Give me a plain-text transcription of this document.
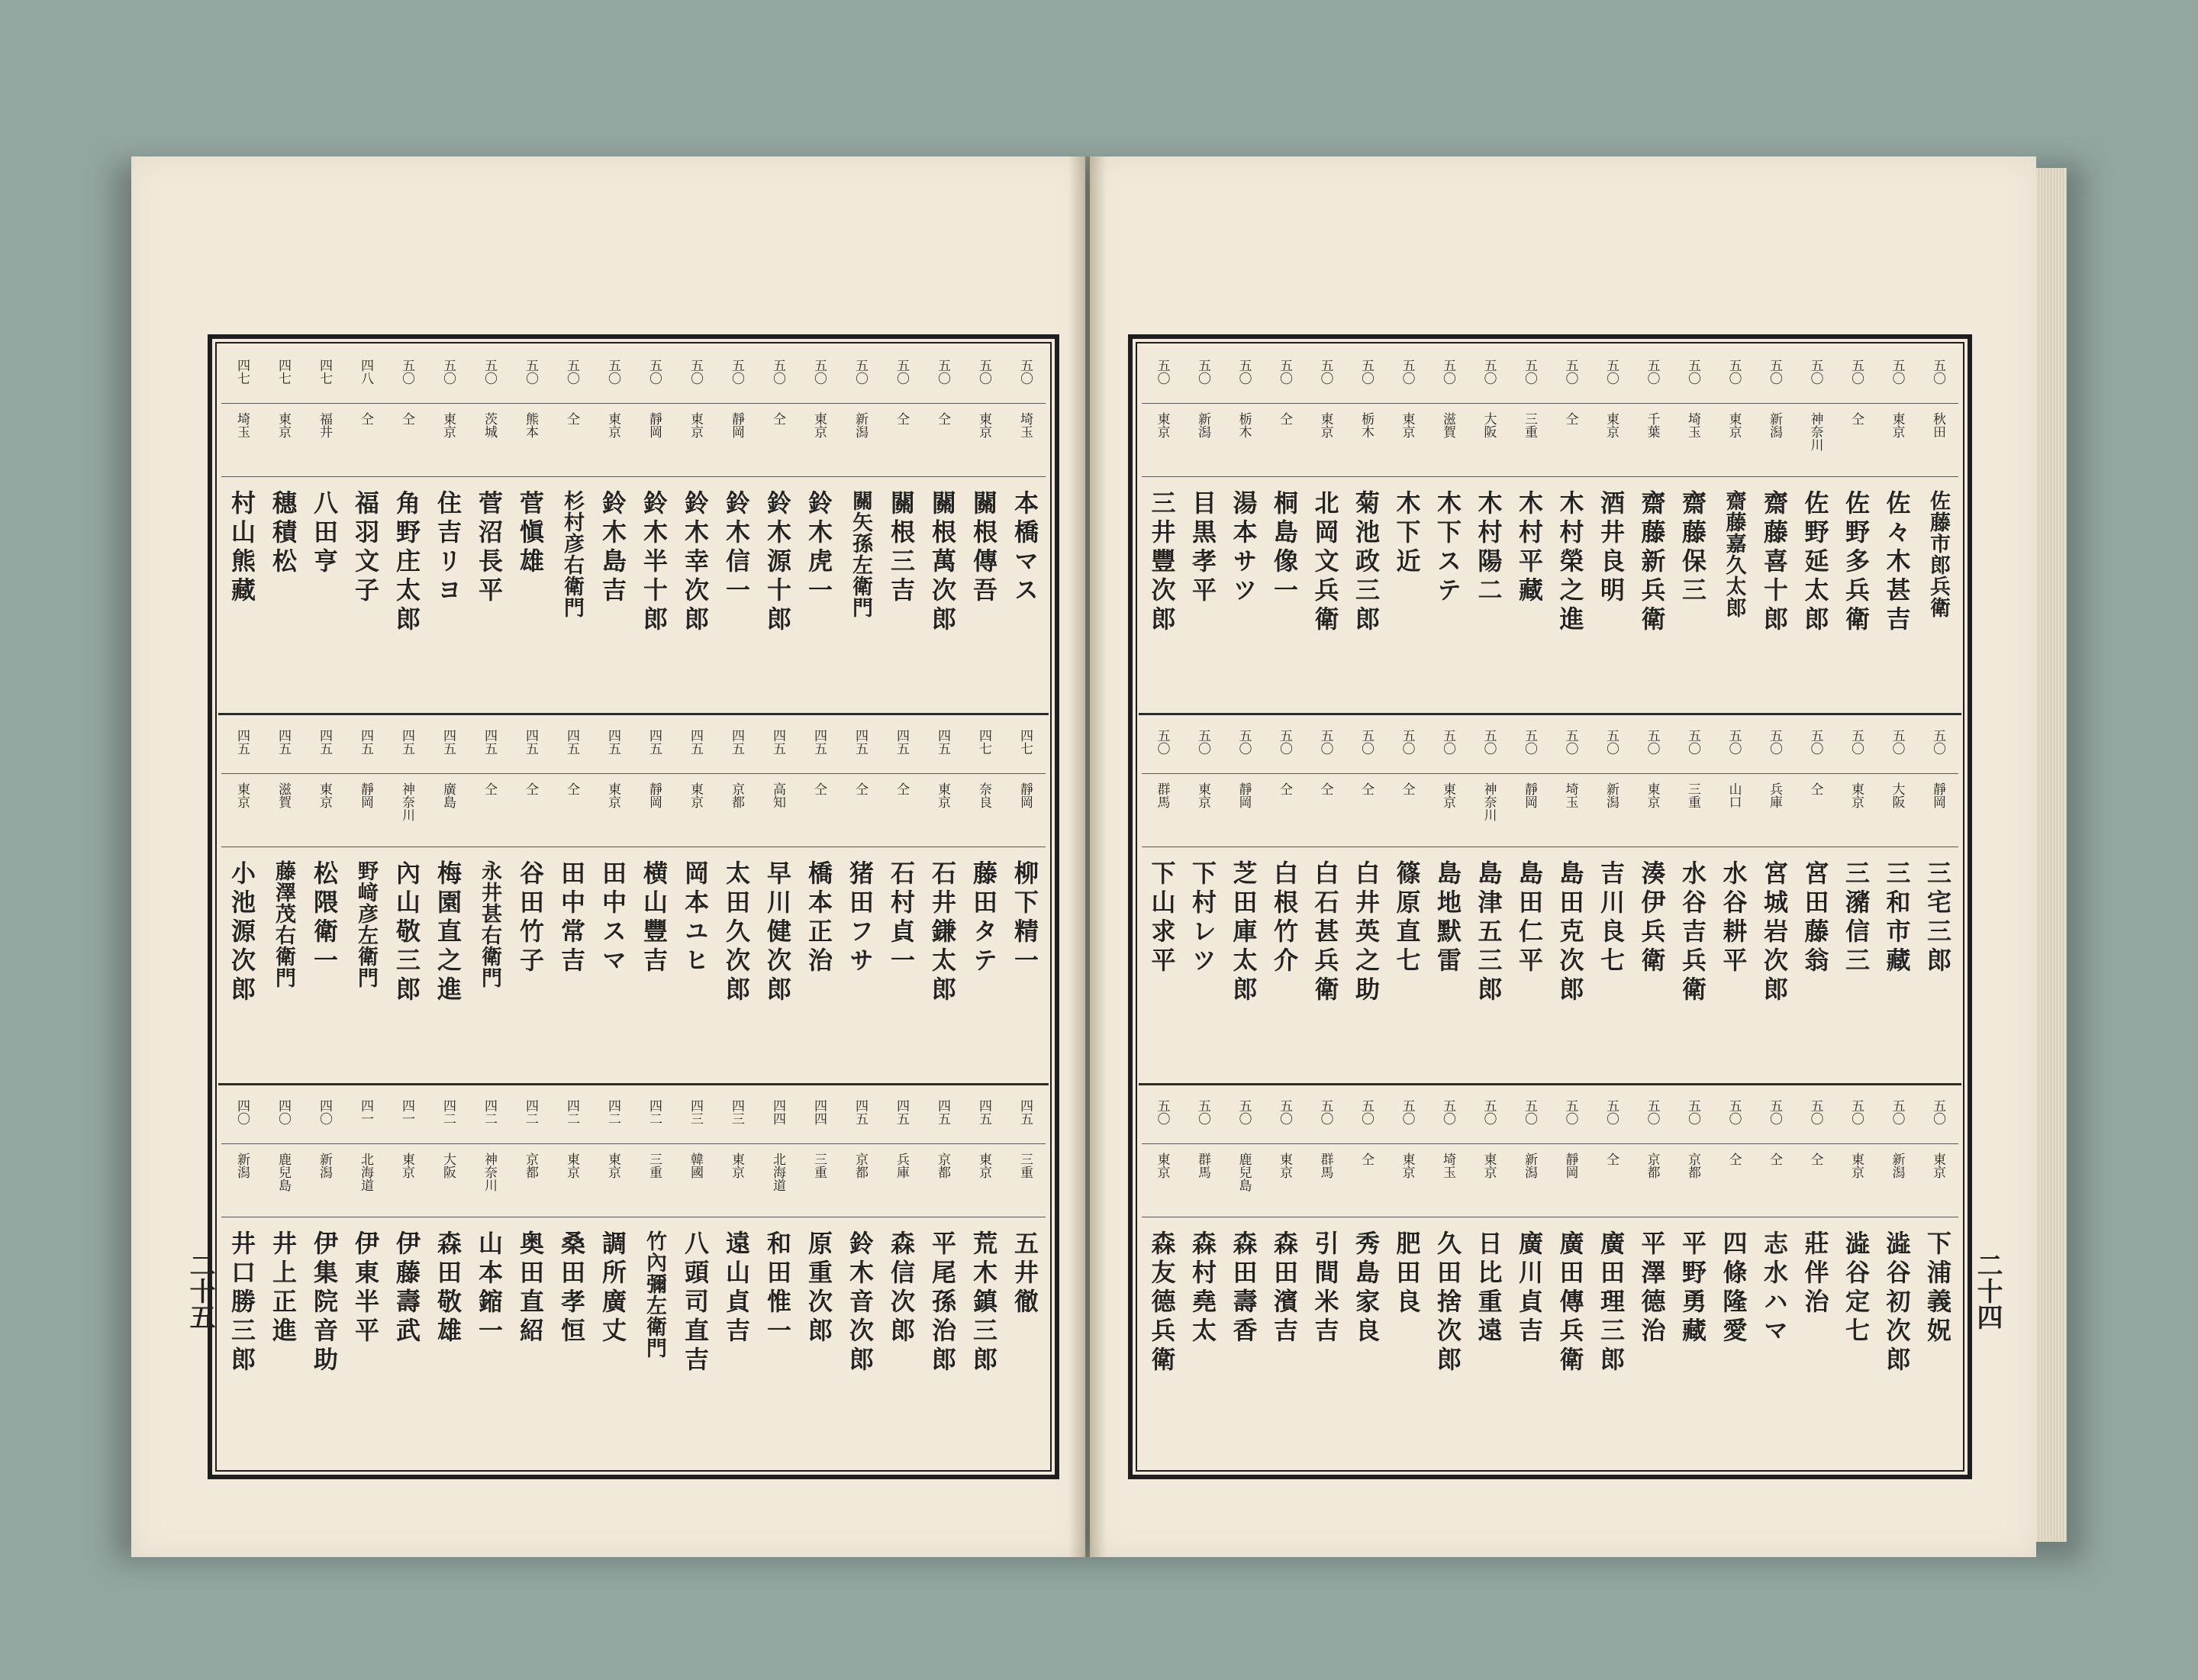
五〇
埼玉
本橋マス
五〇
東京
關根傳吾
五〇
仝
關根萬次郎
五〇
仝
關根三吉
五〇
新潟
關矢孫左衛門
五〇
東京
鈴木虎一
五〇
仝
鈴木源十郎
五〇
靜岡
鈴木信一
五〇
東京
鈴木幸次郎
五〇
靜岡
鈴木半十郎
五〇
東京
鈴木島吉
五〇
仝
杉村彦右衛門
五〇
熊本
菅愼雄
五〇
茨城
菅沼長平
五〇
東京
住吉リヨ
五〇
仝
角野庄太郎
四八
仝
福羽文子
四七
福井
八田亨
四七
東京
穗積松
四七
埼玉
村山熊藏
四七
靜岡
柳下精一
四七
奈良
藤田タテ
四五
東京
石井鎌太郎
四五
仝
石村貞一
四五
仝
猪田フサ
四五
仝
橋本正治
四五
高知
早川健次郎
四五
京都
太田久次郎
四五
東京
岡本ユヒ
四五
靜岡
横山豐吉
四五
東京
田中スマ
四五
仝
田中常吉
四五
仝
谷田竹子
四五
仝
永井甚右衛門
四五
廣島
梅園直之進
四五
神奈川
內山敬三郎
四五
靜岡
野﨑彦左衛門
四五
東京
松隈衛一
四五
滋賀
藤澤茂右衛門
四五
東京
小池源次郎
四五
三重
五井徹
四五
東京
荒木鎮三郎
四五
京都
平尾孫治郎
四五
兵庫
森信次郎
四五
京都
鈴木音次郎
四四
三重
原重次郎
四四
北海道
和田惟一
四三
東京
遠山貞吉
四三
韓國
八頭司直吉
四二
三重
竹內彌左衛門
四二
東京
調所廣丈
四二
東京
桑田孝恒
四二
京都
奥田直紹
四二
神奈川
山本鏥一
四二
大阪
森田敬雄
四一
東京
伊藤壽武
四一
北海道
伊東半平
四〇
新潟
伊集院音助
四〇
鹿兒島
井上正進
四〇
新潟
井口勝三郎
五〇
秋田
佐藤市郎兵衛
五〇
東京
佐々木甚吉
五〇
仝
佐野多兵衛
五〇
神奈川
佐野延太郎
五〇
新潟
齋藤喜十郎
五〇
東京
齋藤嘉久太郎
五〇
埼玉
齋藤保三
五〇
千葉
齋藤新兵衛
五〇
東京
酒井良明
五〇
仝
木村榮之進
五〇
三重
木村平藏
五〇
大阪
木村陽二
五〇
滋賀
木下ステ
五〇
東京
木下近
五〇
栃木
菊池政三郎
五〇
東京
北岡文兵衛
五〇
仝
桐島像一
五〇
栃木
湯本サツ
五〇
新潟
目黒孝平
五〇
東京
三井豐次郎
五〇
靜岡
三宅三郎
五〇
大阪
三和市藏
五〇
東京
三瀦信三
五〇
仝
宮田藤翁
五〇
兵庫
宮城岩次郎
五〇
山口
水谷耕平
五〇
三重
水谷吉兵衛
五〇
東京
湊伊兵衛
五〇
新潟
吉川良七
五〇
埼玉
島田克次郎
五〇
靜岡
島田仁平
五〇
神奈川
島津五三郎
五〇
東京
島地默雷
五〇
仝
篠原直七
五〇
仝
白井英之助
五〇
仝
白石甚兵衛
五〇
仝
白根竹介
五〇
靜岡
芝田庫太郎
五〇
東京
下村レツ
五〇
群馬
下山求平
五〇
東京
下浦義㚾
五〇
新潟
澁谷初次郎
五〇
東京
澁谷定七
五〇
仝
莊伴治
五〇
仝
志水ハマ
五〇
仝
四條隆愛
五〇
京都
平野勇藏
五〇
京都
平澤德治
五〇
仝
廣田理三郎
五〇
靜岡
廣田傳兵衛
五〇
新潟
廣川貞吉
五〇
東京
日比重遠
五〇
埼玉
久田捨次郎
五〇
東京
肥田良
五〇
仝
秀島家良
五〇
群馬
引間米吉
五〇
東京
森田濱吉
五〇
鹿兒島
森田壽香
五〇
群馬
森村堯太
五〇
東京
森友德兵衛
二十五	二十四
